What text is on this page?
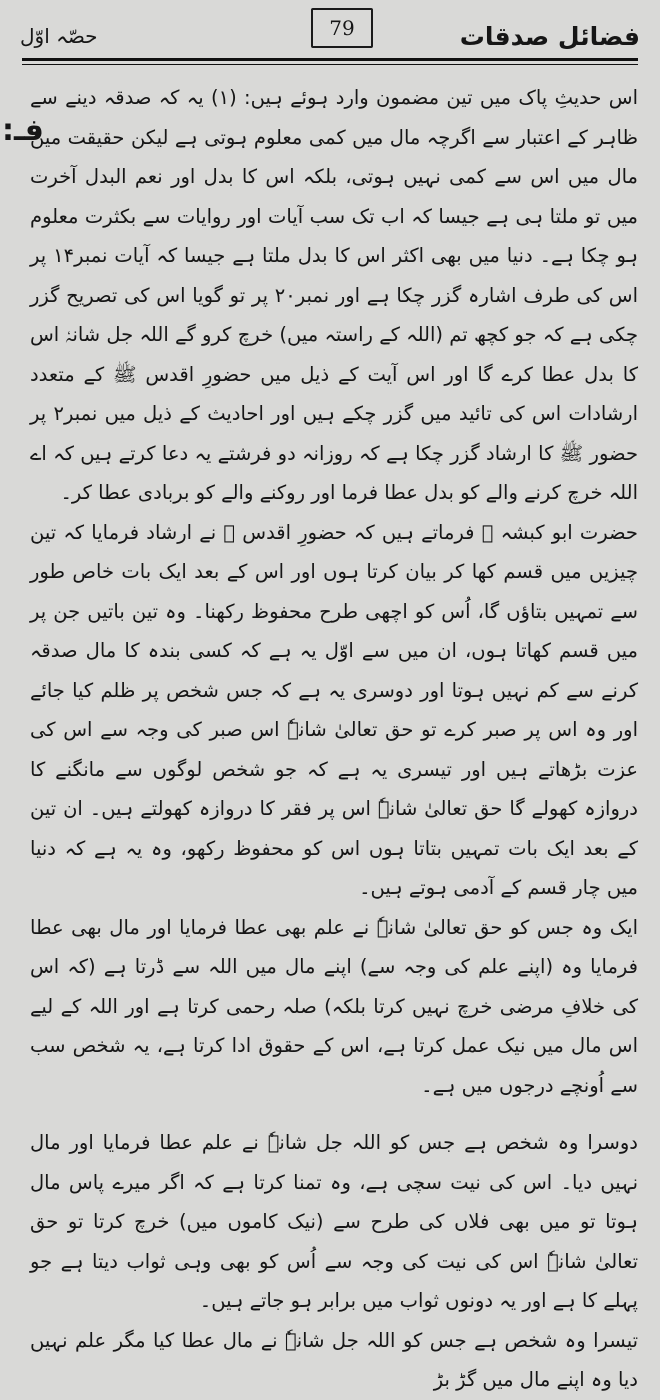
79	فضائل صدقات
حصّہ اوّل
فـ:

اس حدیثِ پاک میں تین مضمون وارد ہوئے ہیں: (۱) یہ کہ صدقہ دینے سے ظاہر کے اعتبار سے اگرچہ مال میں کمی معلوم ہوتی ہے لیکن حقیقت میں مال میں اس سے کمی نہیں ہوتی، بلکہ اس کا بدل اور نعم البدل آخرت میں تو ملتا ہی ہے جیسا کہ اب تک سب آیات اور روایات سے بکثرت معلوم ہو چکا ہے۔ دنیا میں بھی اکثر اس کا بدل ملتا ہے جیسا کہ آیات نمبر۱۴ پر اس کی طرف اشارہ گزر چکا ہے اور نمبر۲۰ پر تو گویا اس کی تصریح گزر چکی ہے کہ جو کچھ تم (اللہ کے راستہ میں) خرچ کرو گے اللہ جل شانہٗ اس کا بدل عطا کرے گا اور اس آیت کے ذیل میں حضورِ اقدس ﷺ کے متعدد ارشادات اس کی تائید میں گزر چکے ہیں اور احادیث کے ذیل میں نمبر۲ پر حضور ﷺ کا ارشاد گزر چکا ہے کہ روزانہ دو فرشتے یہ دعا کرتے ہیں کہ اے اللہ خرچ کرنے والے کو بدل عطا فرما اور روکنے والے کو بربادی عطا کر۔

حضرت ابو کبشہ ؓ فرماتے ہیں کہ حضورِ اقدس ﷺ نے ارشاد فرمایا کہ تین چیزیں میں قسم کھا کر بیان کرتا ہوں اور اس کے بعد ایک بات خاص طور سے تمہیں بتاؤں گا، اُس کو اچھی طرح محفوظ رکھنا۔ وہ تین باتیں جن پر میں قسم کھاتا ہوں، ان میں سے اوّل یہ ہے کہ کسی بندہ کا مال صدقہ کرنے سے کم نہیں ہوتا اور دوسری یہ ہے کہ جس شخص پر ظلم کیا جائے اور وہ اس پر صبر کرے تو حق تعالیٰ شانہٗ اس صبر کی وجہ سے اس کی عزت بڑھاتے ہیں اور تیسری یہ ہے کہ جو شخص لوگوں سے مانگنے کا دروازہ کھولے گا حق تعالیٰ شانہٗ اس پر فقر کا دروازہ کھولتے ہیں۔ ان تین کے بعد ایک بات تمہیں بتاتا ہوں اس کو محفوظ رکھو، وہ یہ ہے کہ دنیا میں چار قسم کے آدمی ہوتے ہیں۔

ایک وہ جس کو حق تعالیٰ شانہٗ نے علم بھی عطا فرمایا اور مال بھی عطا فرمایا وہ (اپنے علم کی وجہ سے) اپنے مال میں اللہ سے ڈرتا ہے (کہ اس کی خلافِ مرضی خرچ نہیں کرتا بلکہ) صلہ رحمی کرتا ہے اور اللہ کے لیے اس مال میں نیک عمل کرتا ہے، اس کے حقوق ادا کرتا ہے، یہ شخص سب سے اُونچے درجوں میں ہے۔

دوسرا وہ شخص ہے جس کو اللہ جل شانہٗ نے علم عطا فرمایا اور مال نہیں دیا۔ اس کی نیت سچی ہے، وہ تمنا کرتا ہے کہ اگر میرے پاس مال ہوتا تو میں بھی فلاں کی طرح سے (نیک کاموں میں) خرچ کرتا تو حق تعالیٰ شانہٗ اس کی نیت کی وجہ سے اُس کو بھی وہی ثواب دیتا ہے جو پہلے کا ہے اور یہ دونوں ثواب میں برابر ہو جاتے ہیں۔

تیسرا وہ شخص ہے جس کو اللہ جل شانہٗ نے مال عطا کیا مگر علم نہیں دیا وہ اپنے مال میں گڑ بڑ
